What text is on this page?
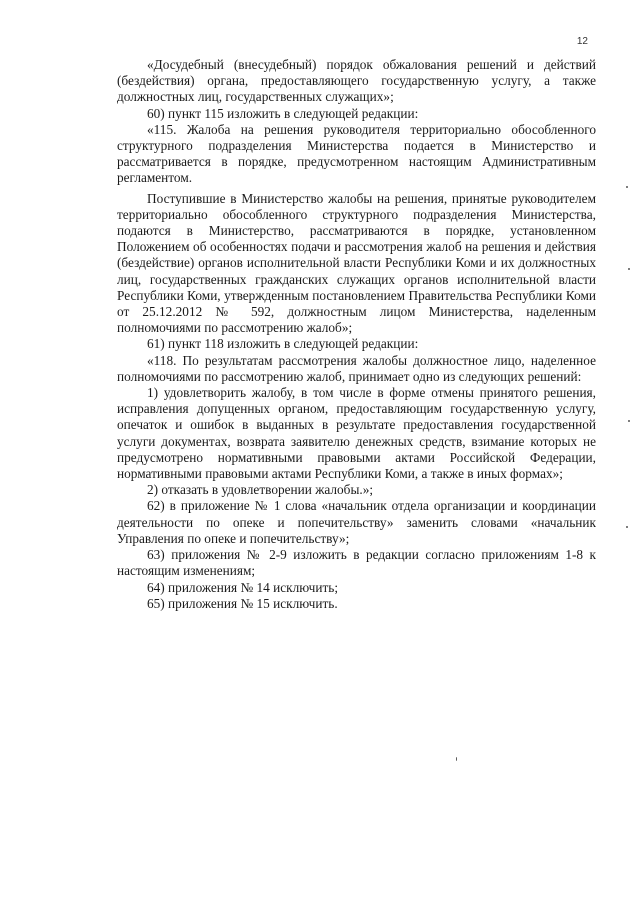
12

«Досудебный (внесудебный) порядок обжалования решений и действий (бездействия) органа, предоставляющего государственную услугу, а также должностных лиц, государственных служащих»;

60) пункт 115 изложить в следующей редакции:

«115. Жалоба на решения руководителя территориально обособленного структурного подразделения Министерства подается в Министерство и рассматривается в порядке, предусмотренном настоящим Административным регламентом.

Поступившие в Министерство жалобы на решения, принятые руководителем территориально обособленного структурного подразделения Министерства, подаются в Министерство, рассматриваются в порядке, установленном Положением об особенностях подачи и рассмотрения жалоб на решения и действия (бездействие) органов исполнительной власти Республики Коми и их должностных лиц, государственных гражданских служащих органов исполнительной власти Республики Коми, утвержденным постановлением Правительства Республики Коми от 25.12.2012 № 592, должностным лицом Министерства, наделенным полномочиями по рассмотрению жалоб»;

61) пункт 118 изложить в следующей редакции:

«118. По результатам рассмотрения жалобы должностное лицо, наделенное полномочиями по рассмотрению жалоб, принимает одно из следующих решений:

1) удовлетворить жалобу, в том числе в форме отмены принятого решения, исправления допущенных органом, предоставляющим государственную услугу, опечаток и ошибок в выданных в результате предоставления государственной услуги документах, возврата заявителю денежных средств, взимание которых не предусмотрено нормативными правовыми актами Российской Федерации, нормативными правовыми актами Республики Коми, а также в иных формах»;

2) отказать в удовлетворении жалобы.»;

62) в приложение № 1 слова «начальник отдела организации и координации деятельности по опеке и попечительству» заменить словами «начальник Управления по опеке и попечительству»;

63) приложения № 2-9 изложить в редакции согласно приложениям 1-8 к настоящим изменениям;

64) приложения № 14 исключить;

65) приложения № 15 исключить.
